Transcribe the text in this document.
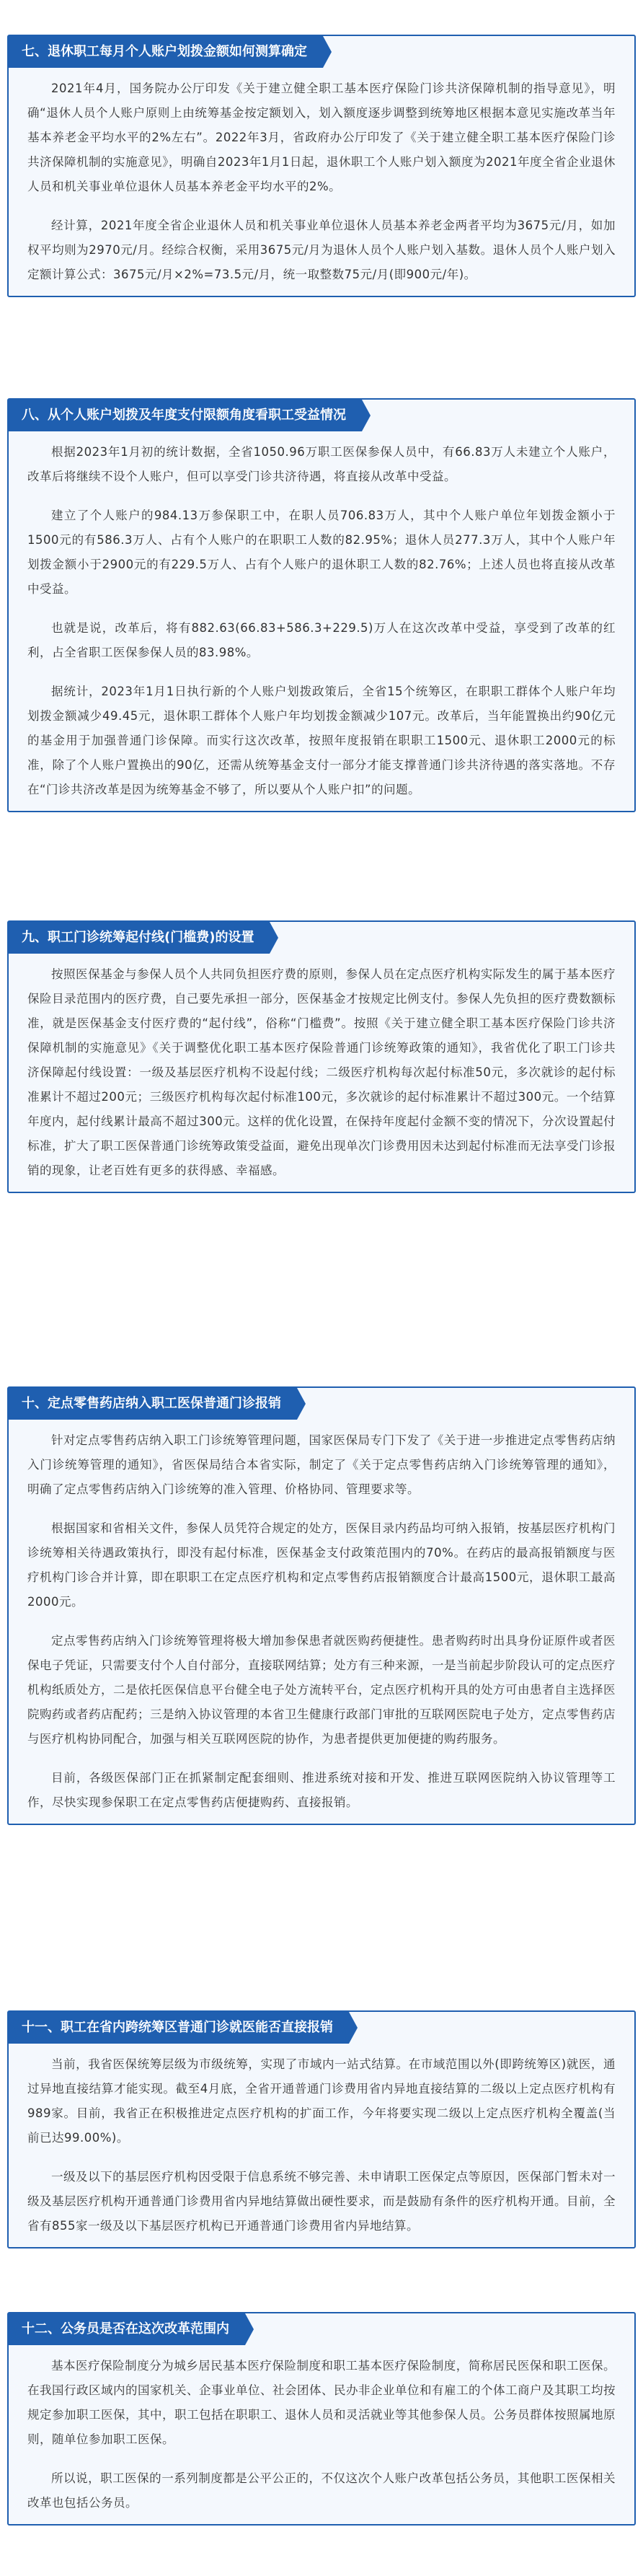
七、退休职工每月个人账户划拨金额如何测算确定

2021年4月，国务院办公厅印发《关于建立健全职工基本医疗保险门诊共济保障机制的指导意见》，明确“退休人员个人账户原则上由统筹基金按定额划入，划入额度逐步调整到统筹地区根据本意见实施改革当年基本养老金平均水平的2%左右”。2022年3月，省政府办公厅印发了《关于建立健全职工基本医疗保险门诊共济保障机制的实施意见》，明确自2023年1月1日起，退休职工个人账户划入额度为2021年度全省企业退休人员和机关事业单位退休人员基本养老金平均水平的2%。

经计算，2021年度全省企业退休人员和机关事业单位退休人员基本养老金两者平均为3675元/月，如加权平均则为2970元/月。经综合权衡，采用3675元/月为退休人员个人账户划入基数。退休人员个人账户划入定额计算公式：3675元/月×2%=73.5元/月，统一取整数75元/月(即900元/年)。

八、从个人账户划拨及年度支付限额角度看职工受益情况

根据2023年1月初的统计数据，全省1050.96万职工医保参保人员中，有66.83万人未建立个人账户，改革后将继续不设个人账户，但可以享受门诊共济待遇，将直接从改革中受益。

建立了个人账户的984.13万参保职工中，在职人员706.83万人，其中个人账户单位年划拨金额小于1500元的有586.3万人、占有个人账户的在职职工人数的82.95%；退休人员277.3万人，其中个人账户年划拨金额小于2900元的有229.5万人、占有个人账户的退休职工人数的82.76%；上述人员也将直接从改革中受益。

也就是说，改革后，将有882.63(66.83+586.3+229.5)万人在这次改革中受益，享受到了改革的红利，占全省职工医保参保人员的83.98%。

据统计，2023年1月1日执行新的个人账户划拨政策后，全省15个统筹区，在职职工群体个人账户年均划拨金额减少49.45元，退休职工群体个人账户年均划拨金额减少107元。改革后，当年能置换出约90亿元的基金用于加强普通门诊保障。而实行这次改革，按照年度报销在职职工1500元、退休职工2000元的标准，除了个人账户置换出的90亿，还需从统筹基金支付一部分才能支撑普通门诊共济待遇的落实落地。不存在“门诊共济改革是因为统筹基金不够了，所以要从个人账户扣”的问题。

九、职工门诊统筹起付线(门槛费)的设置

按照医保基金与参保人员个人共同负担医疗费的原则，参保人员在定点医疗机构实际发生的属于基本医疗保险目录范围内的医疗费，自己要先承担一部分，医保基金才按规定比例支付。参保人先负担的医疗费数额标准，就是医保基金支付医疗费的“起付线”，俗称“门槛费”。按照《关于建立健全职工基本医疗保险门诊共济保障机制的实施意见》《关于调整优化职工基本医疗保险普通门诊统筹政策的通知》，我省优化了职工门诊共济保障起付线设置：一级及基层医疗机构不设起付线；二级医疗机构每次起付标准50元，多次就诊的起付标准累计不超过200元；三级医疗机构每次起付标准100元，多次就诊的起付标准累计不超过300元。一个结算年度内，起付线累计最高不超过300元。这样的优化设置，在保持年度起付金额不变的情况下，分次设置起付标准，扩大了职工医保普通门诊统筹政策受益面，避免出现单次门诊费用因未达到起付标准而无法享受门诊报销的现象，让老百姓有更多的获得感、幸福感。

十、定点零售药店纳入职工医保普通门诊报销

针对定点零售药店纳入职工门诊统筹管理问题，国家医保局专门下发了《关于进一步推进定点零售药店纳入门诊统筹管理的通知》，省医保局结合本省实际，制定了《关于定点零售药店纳入门诊统筹管理的通知》，明确了定点零售药店纳入门诊统筹的准入管理、价格协同、管理要求等。

根据国家和省相关文件，参保人员凭符合规定的处方，医保目录内药品均可纳入报销，按基层医疗机构门诊统筹相关待遇政策执行，即没有起付标准，医保基金支付政策范围内的70%。在药店的最高报销额度与医疗机构门诊合并计算，即在职职工在定点医疗机构和定点零售药店报销额度合计最高1500元，退休职工最高2000元。

定点零售药店纳入门诊统筹管理将极大增加参保患者就医购药便捷性。患者购药时出具身份证原件或者医保电子凭证，只需要支付个人自付部分，直接联网结算；处方有三种来源，一是当前起步阶段认可的定点医疗机构纸质处方，二是依托医保信息平台健全电子处方流转平台，定点医疗机构开具的处方可由患者自主选择医院购药或者药店配药；三是纳入协议管理的本省卫生健康行政部门审批的互联网医院电子处方，定点零售药店与医疗机构协同配合，加强与相关互联网医院的协作，为患者提供更加便捷的购药服务。

目前，各级医保部门正在抓紧制定配套细则、推进系统对接和开发、推进互联网医院纳入协议管理等工作，尽快实现参保职工在定点零售药店便捷购药、直接报销。

十一、职工在省内跨统筹区普通门诊就医能否直接报销

当前，我省医保统筹层级为市级统筹，实现了市域内一站式结算。在市域范围以外(即跨统筹区)就医，通过异地直接结算才能实现。截至4月底，全省开通普通门诊费用省内异地直接结算的二级以上定点医疗机构有989家。目前，我省正在积极推进定点医疗机构的扩面工作，今年将要实现二级以上定点医疗机构全覆盖(当前已达99.00%)。

一级及以下的基层医疗机构因受限于信息系统不够完善、未申请职工医保定点等原因，医保部门暂未对一级及基层医疗机构开通普通门诊费用省内异地结算做出硬性要求，而是鼓励有条件的医疗机构开通。目前，全省有855家一级及以下基层医疗机构已开通普通门诊费用省内异地结算。

十二、公务员是否在这次改革范围内

基本医疗保险制度分为城乡居民基本医疗保险制度和职工基本医疗保险制度，简称居民医保和职工医保。在我国行政区域内的国家机关、企事业单位、社会团体、民办非企业单位和有雇工的个体工商户及其职工均按规定参加职工医保，其中，职工包括在职职工、退休人员和灵活就业等其他参保人员。公务员群体按照属地原则，随单位参加职工医保。

所以说，职工医保的一系列制度都是公平公正的，不仅这次个人账户改革包括公务员，其他职工医保相关改革也包括公务员。
